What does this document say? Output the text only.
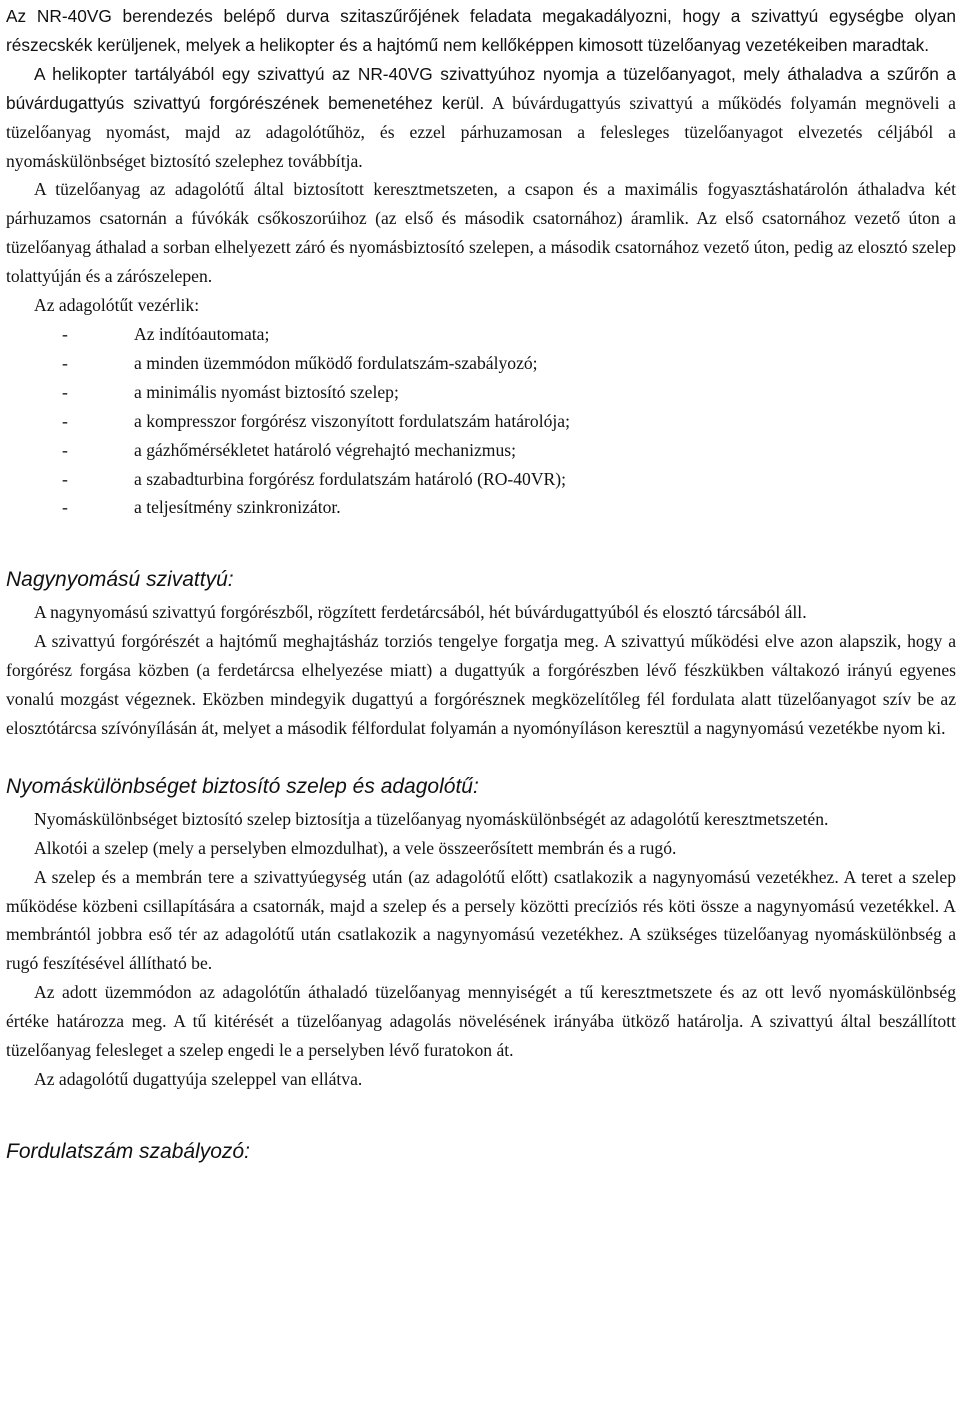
Az NR-40VG berendezés belépő durva szitaszűrőjének feladata megakadályozni, hogy a szivattyú egységbe olyan részecskék kerüljenek, melyek a helikopter és a hajtómű nem kellőképpen kimosott tüzelőanyag vezetékeiben maradtak.

A helikopter tartályából egy szivattyú az NR-40VG szivattyúhoz nyomja a tüzelőanyagot, mely áthaladva a szűrőn a búvárdugattyús szivattyú forgórészének bemenetéhez kerül. A búvárdugattyús szivattyú a működés folyamán megnöveli a tüzelőanyag nyomást, majd az adagolótűhöz, és ezzel párhuzamosan a felesleges tüzelőanyagot elvezetés céljából a nyomáskülönbséget biztosító szelephez továbbítja.

A tüzelőanyag az adagolótű által biztosított keresztmetszeten, a csapon és a maximális fogyasztáshatárolón áthaladva két párhuzamos csatornán a fúvókák csőkoszorúihoz (az első és második csatornához) áramlik. Az első csatornához vezető úton a tüzelőanyag áthalad a sorban elhelyezett záró és nyomásbiztosító szelepen, a második csatornához vezető úton, pedig az elosztó szelep tolattyúján és a zárószelepen.

Az adagolótűt vezérlik:

-	Az indítóautomata;
-	a minden üzemmódon működő fordulatszám-szabályozó;
-	a minimális nyomást biztosító szelep;
-	a kompresszor forgórész viszonyított fordulatszám határolója;
-	a gázhőmérsékletet határoló végrehajtó mechanizmus;
-	a szabadturbina forgórész fordulatszám határoló (RO-40VR);
-	a teljesítmény szinkronizátor.
Nagynyomású szivattyú:

A nagynyomású szivattyú forgórészből, rögzített ferdetárcsából, hét búvárdugattyúból és elosztó tárcsából áll.

A szivattyú forgórészét a hajtómű meghajtásház torziós tengelye forgatja meg. A szivattyú működési elve azon alapszik, hogy a forgórész forgása közben (a ferdetárcsa elhelyezése miatt) a dugattyúk a forgórészben lévő fészkükben váltakozó irányú egyenes vonalú mozgást végeznek. Eközben mindegyik dugattyú a forgórésznek megközelítőleg fél fordulata alatt tüzelőanyagot szív be az elosztótárcsa szívónyílásán át, melyet a második félfordulat folyamán a nyomónyíláson keresztül a nagynyomású vezetékbe nyom ki.

Nyomáskülönbséget biztosító szelep és adagolótű:

Nyomáskülönbséget biztosító szelep biztosítja a tüzelőanyag nyomáskülönbségét az adagolótű keresztmetszetén.

Alkotói a szelep (mely a perselyben elmozdulhat), a vele összeerősített membrán és a rugó.

A szelep és a membrán tere a szivattyúegység után (az adagolótű előtt) csatlakozik a nagynyomású vezetékhez. A teret a szelep működése közbeni csillapítására a csatornák, majd a szelep és a persely közötti precíziós rés köti össze a nagynyomású vezetékkel. A membrántól jobbra eső tér az adagolótű után csatlakozik a nagynyomású vezetékhez. A szükséges tüzelőanyag nyomáskülönbség a rugó feszítésével állítható be.

Az adott üzemmódon az adagolótűn áthaladó tüzelőanyag mennyiségét a tű keresztmetszete és az ott levő nyomáskülönbség értéke határozza meg. A tű kitérését a tüzelőanyag adagolás növelésének irányába ütköző határolja. A szivattyú által beszállított tüzelőanyag felesleget a szelep engedi le a perselyben lévő furatokon át.

Az adagolótű dugattyúja szeleppel van ellátva.

Fordulatszám szabályozó:
